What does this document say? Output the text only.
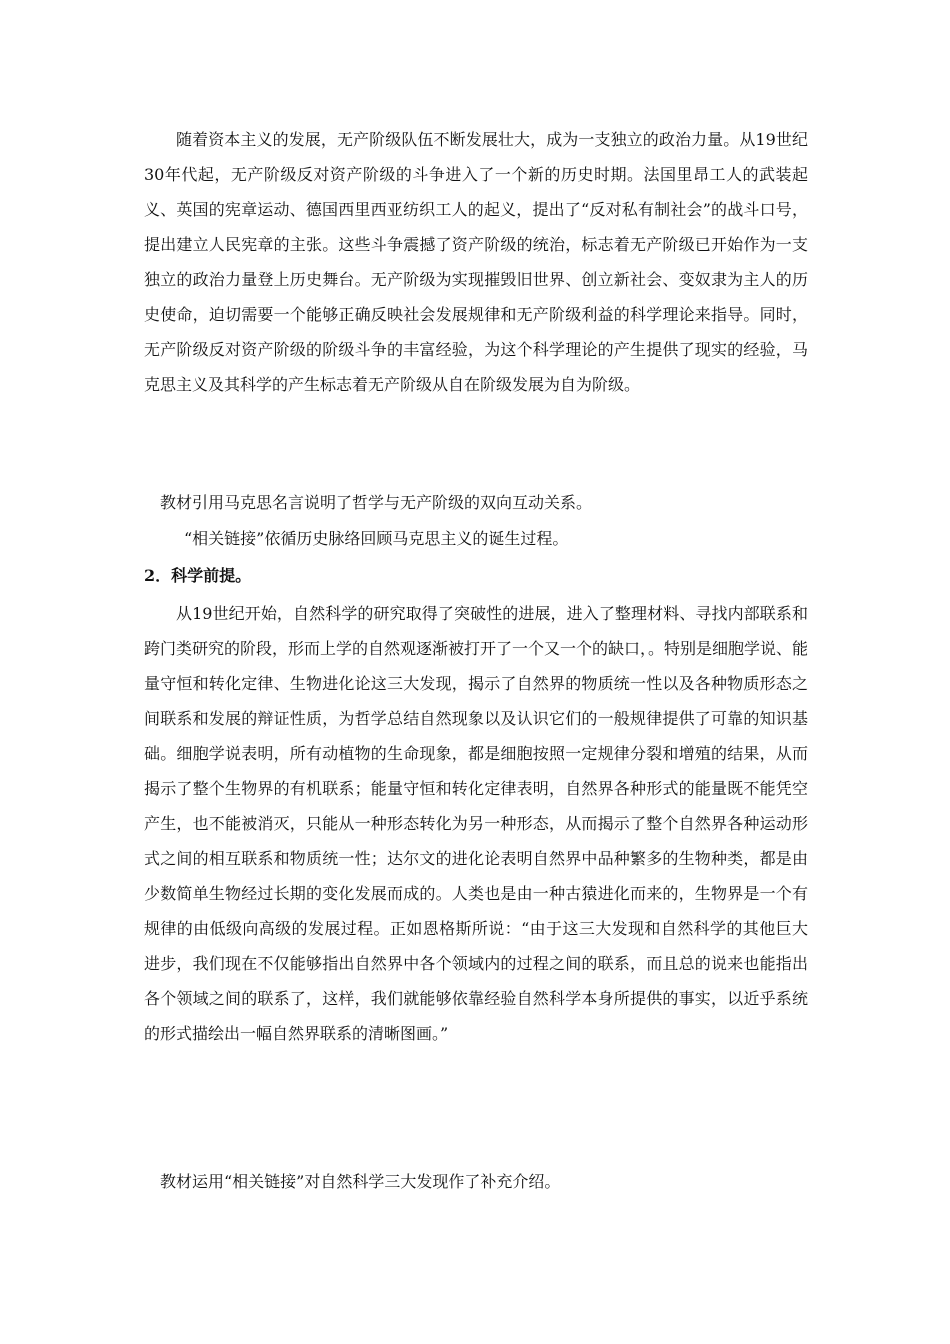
随着资本主义的发展，无产阶级队伍不断发展壮大，成为一支独立的政治力量。从19世纪30年代起，无产阶级反对资产阶级的斗争进入了一个新的历史时期。法国里昂工人的武装起义、英国的宪章运动、德国西里西亚纺织工人的起义，提出了“反对私有制社会”的战斗口号，提出建立人民宪章的主张。这些斗争震撼了资产阶级的统治，标志着无产阶级已开始作为一支独立的政治力量登上历史舞台。无产阶级为实现摧毁旧世界、创立新社会、变奴隶为主人的历史使命，迫切需要一个能够正确反映社会发展规律和无产阶级利益的科学理论来指导。同时，无产阶级反对资产阶级的阶级斗争的丰富经验，为这个科学理论的产生提供了现实的经验，马克思主义及其科学的产生标志着无产阶级从自在阶级发展为自为阶级。

教材引用马克思名言说明了哲学与无产阶级的双向互动关系。

“相关链接”依循历史脉络回顾马克思主义的诞生过程。

2．科学前提。

从19世纪开始，自然科学的研究取得了突破性的进展，进入了整理材料、寻找内部联系和跨门类研究的阶段，形而上学的自然观逐渐被打开了一个又一个的缺口，。特别是细胞学说、能量守恒和转化定律、生物进化论这三大发现，揭示了自然界的物质统一性以及各种物质形态之间联系和发展的辩证性质，为哲学总结自然现象以及认识它们的一般规律提供了可靠的知识基础。细胞学说表明，所有动植物的生命现象，都是细胞按照一定规律分裂和增殖的结果，从而揭示了整个生物界的有机联系；能量守恒和转化定律表明，自然界各种形式的能量既不能凭空产生，也不能被消灭，只能从一种形态转化为另一种形态，从而揭示了整个自然界各种运动形式之间的相互联系和物质统一性；达尔文的进化论表明自然界中品种繁多的生物种类，都是由少数简单生物经过长期的变化发展而成的。人类也是由一种古猿进化而来的，生物界是一个有规律的由低级向高级的发展过程。正如恩格斯所说：“由于这三大发现和自然科学的其他巨大进步，我们现在不仅能够指出自然界中各个领域内的过程之间的联系，而且总的说来也能指出各个领域之间的联系了，这样，我们就能够依靠经验自然科学本身所提供的事实，以近乎系统的形式描绘出一幅自然界联系的清晰图画。”

教材运用“相关链接”对自然科学三大发现作了补充介绍。
